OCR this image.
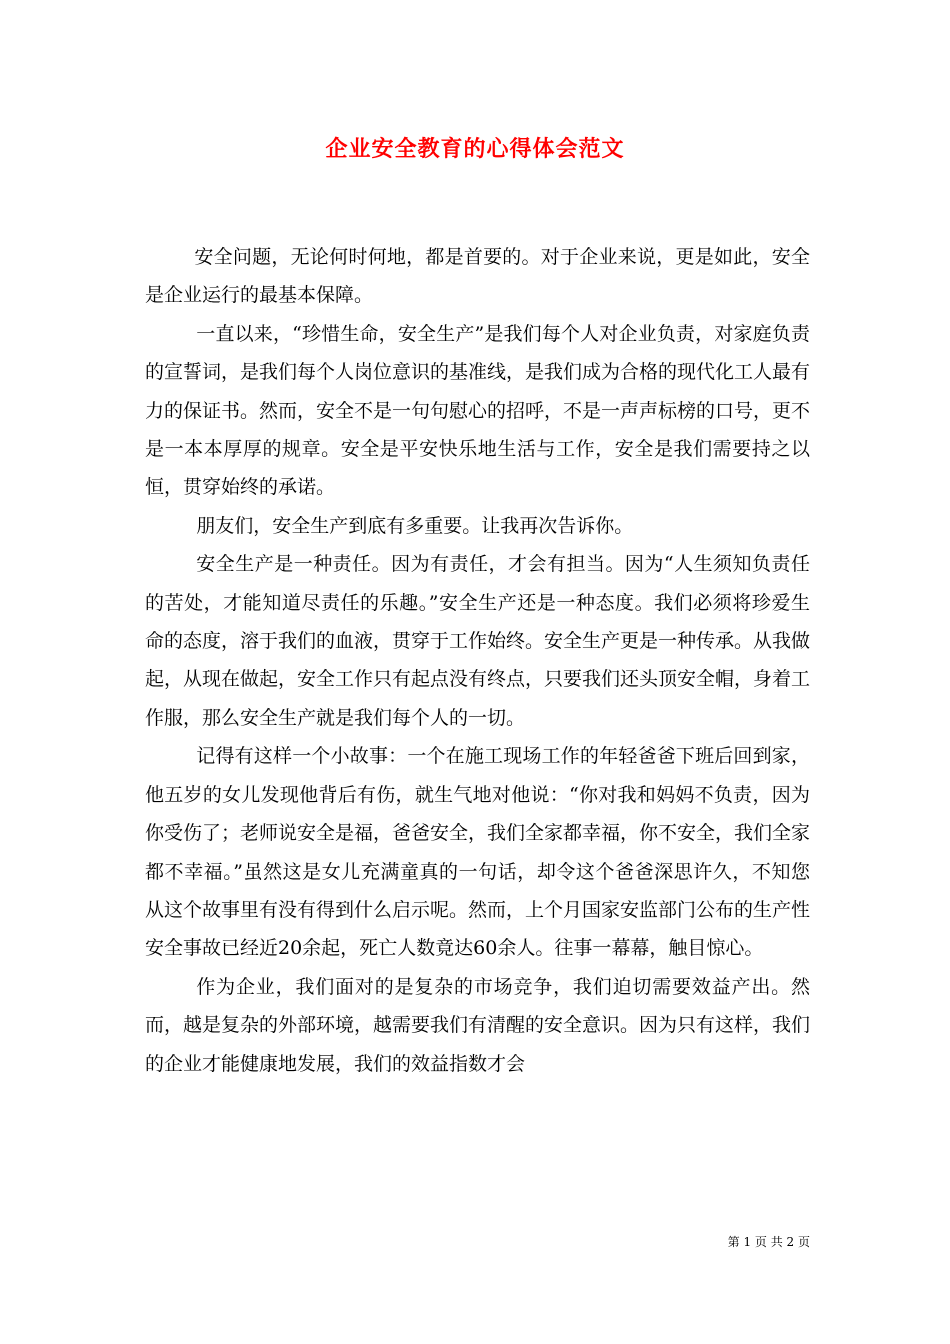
企业安全教育的心得体会范文

安全问题，无论何时何地，都是首要的。对于企业来说，更是如此，安全是企业运行的最基本保障。

一直以来，“珍惜生命，安全生产”是我们每个人对企业负责，对家庭负责的宣誓词，是我们每个人岗位意识的基准线，是我们成为合格的现代化工人最有力的保证书。然而，安全不是一句句慰心的招呼，不是一声声标榜的口号，更不是一本本厚厚的规章。安全是平安快乐地生活与工作，安全是我们需要持之以恒，贯穿始终的承诺。

朋友们，安全生产到底有多重要。让我再次告诉你。

安全生产是一种责任。因为有责任，才会有担当。因为“人生须知负责任的苦处，才能知道尽责任的乐趣。”安全生产还是一种态度。我们必须将珍爱生命的态度，溶于我们的血液，贯穿于工作始终。安全生产更是一种传承。从我做起，从现在做起，安全工作只有起点没有终点，只要我们还头顶安全帽，身着工作服，那么安全生产就是我们每个人的一切。

记得有这样一个小故事：一个在施工现场工作的年轻爸爸下班后回到家，他五岁的女儿发现他背后有伤，就生气地对他说：“你对我和妈妈不负责，因为你受伤了；老师说安全是福，爸爸安全，我们全家都幸福，你不安全，我们全家都不幸福。”虽然这是女儿充满童真的一句话，却令这个爸爸深思许久，不知您从这个故事里有没有得到什么启示呢。然而，上个月国家安监部门公布的生产性安全事故已经近20余起，死亡人数竟达60余人。往事一幕幕，触目惊心。

作为企业，我们面对的是复杂的市场竞争，我们迫切需要效益产出。然而，越是复杂的外部环境，越需要我们有清醒的安全意识。因为只有这样，我们的企业才能健康地发展，我们的效益指数才会

第 1 页 共 2 页
